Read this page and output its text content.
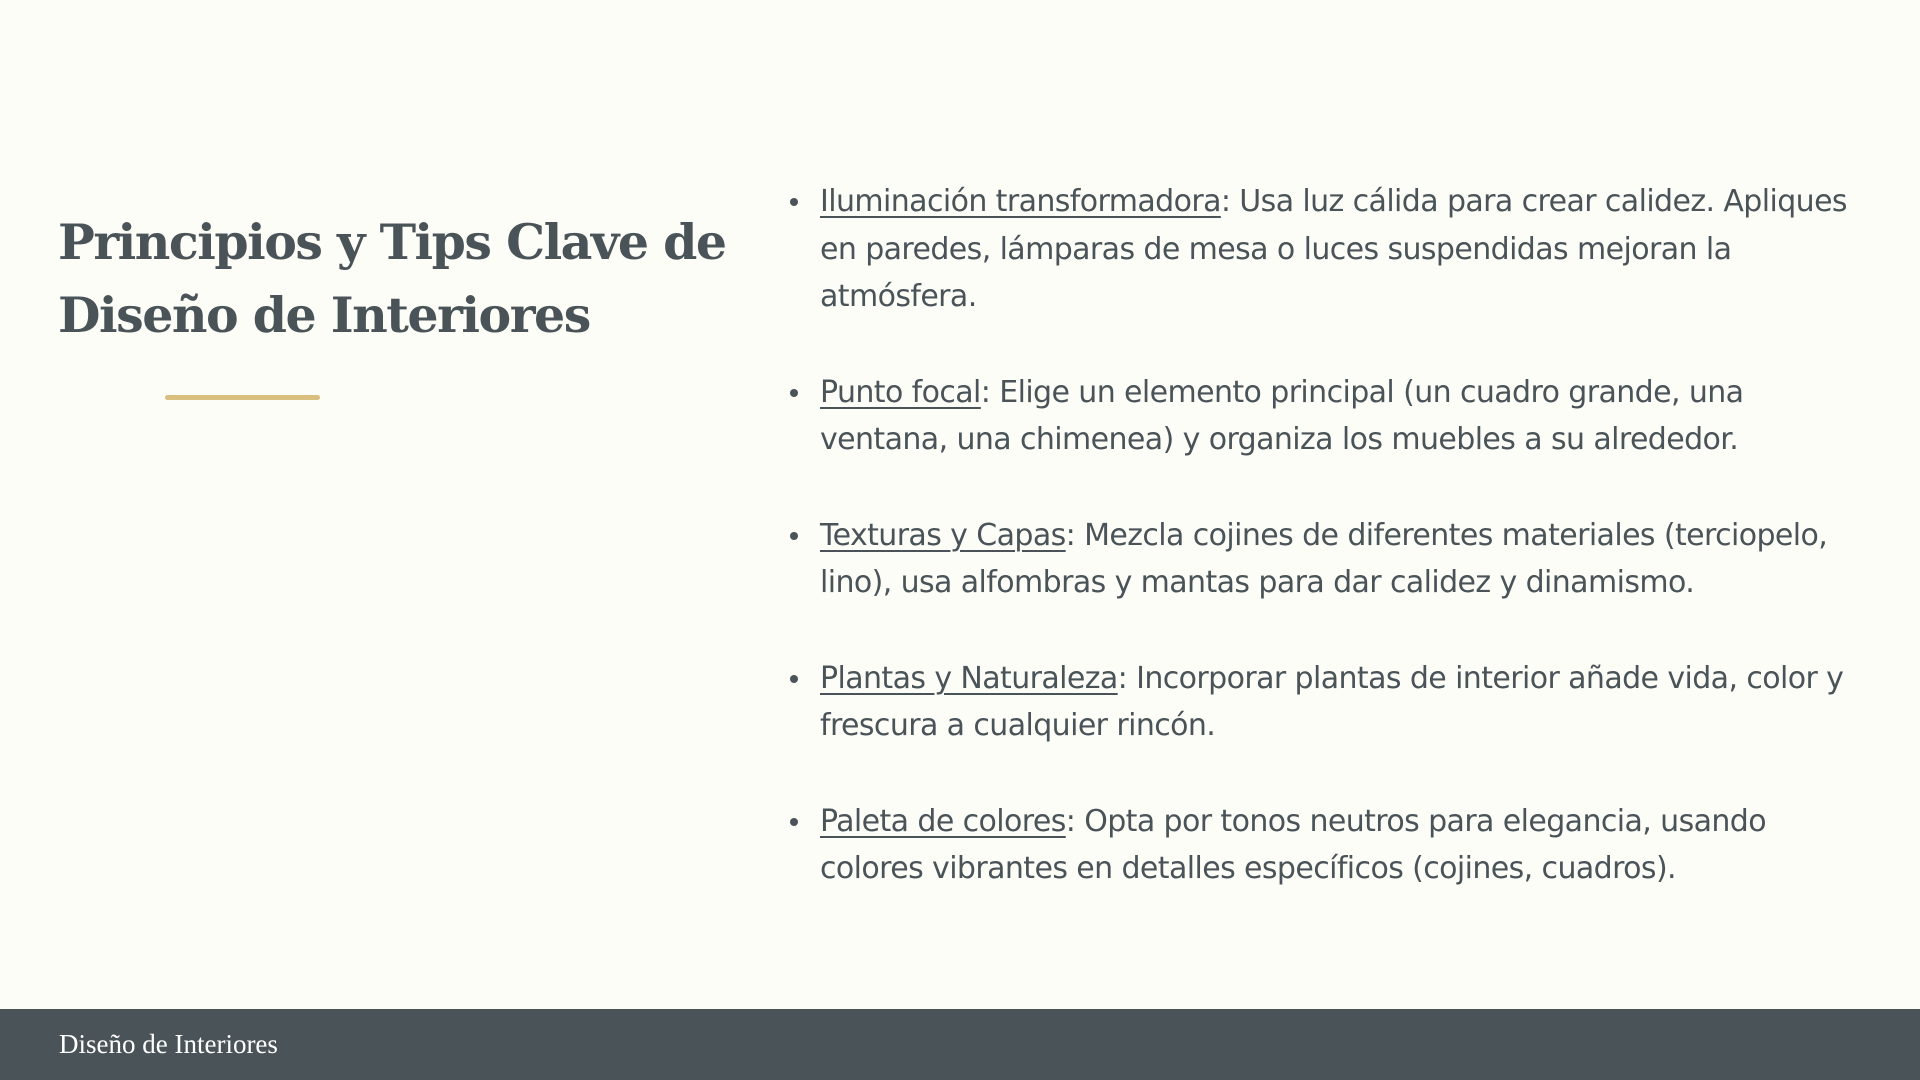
Principios y Tips Clave de
Diseño de Interiores
Iluminación transformadora: Usa luz cálida para crear calidez. Apliques en paredes, lámparas de mesa o luces suspendidas mejoran la atmósfera.
Punto focal: Elige un elemento principal (un cuadro grande, una ventana, una chimenea) y organiza los muebles a su alrededor.
Texturas y Capas: Mezcla cojines de diferentes materiales (terciopelo, lino), usa alfombras y mantas para dar calidez y dinamismo.
Plantas y Naturaleza: Incorporar plantas de interior añade vida, color y frescura a cualquier rincón.
Paleta de colores: Opta por tonos neutros para elegancia, usando colores vibrantes en detalles específicos (cojines, cuadros).
Diseño de Interiores
